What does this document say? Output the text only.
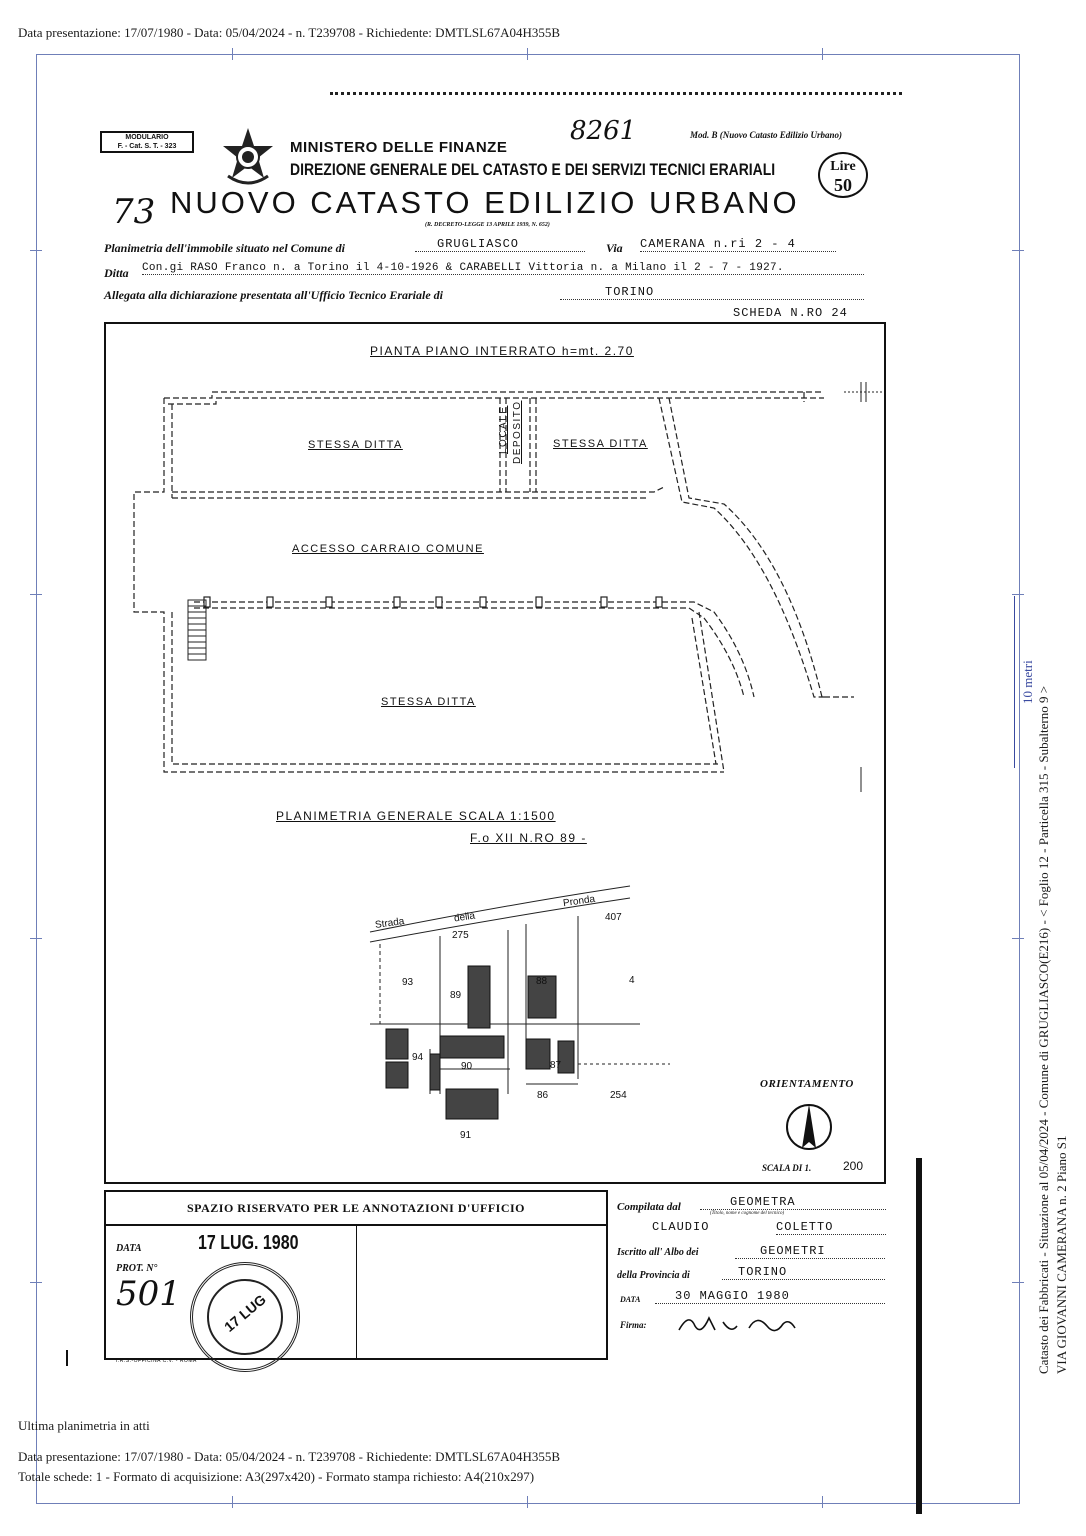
Data presentazione: 17/07/1980 - Data: 05/04/2024 - n. T239708 - Richiedente: DMTLSL67A04H355B
MODULARIO
F. - Cat. S. T. - 323
8261	Mod. B (Nuovo Catasto Edilizio Urbano)
MINISTERO DELLE FINANZE
DIREZIONE GENERALE DEL CATASTO E DEI SERVIZI TECNICI ERARIALI	Lire
50
73 NUOVO CATASTO EDILIZIO URBANO
(R. DECRETO-LEGGE 13 APRILE 1939, N. 652)
Planimetria dell'immobile situato nel Comune di	GRUGLIASCO	Via CAMERANA n.ri 2 - 4
Ditta Con.gi RASO Franco n. a Torino il 4-10-1926 & CARABELLI Vittoria n. a Milano il 2 - 7 - 1927.
Allegata alla dichiarazione presentata all'Ufficio Tecnico Erariale di	TORINO
SCHEDA N.RO 24
PIANTA PIANO INTERRATO h=mt. 2.70
STESSA DITTA	LOCALE DEPOSITO	STESSA DITTA
ACCESSO CARRAIO COMUNE
STESSA DITTA
PLANIMETRIA GENERALE SCALA 1:1500
F.o XII N.RO 89 -
Strada	della
Pronda
407
275
93
89
88	4
94
90	87
86	254
91
ORIENTAMENTO
SCALA DI 1.	200
SPAZIO RISERVATO PER LE ANNOTAZIONI D'UFFICIO
DATA	17 LUG. 1980
PROT. N°
501	17 LUG
I.R.S.-OFFICINA C.V. - ROMA
Compilata dal	GEOMETRA
(Titolo, nome e cognome del tecnico)
CLAUDIO	COLETTO
Iscritto all' Albo dei	GEOMETRI
della Provincia di	TORINO
DATA	30 MAGGIO 1980
Firma:
10 metri
Catasto dei Fabbricati - Situazione al 05/04/2024 - Comune di GRUGLIASCO(E216) - < Foglio 12 - Particella 315 - Subalterno 9 > VIA GIOVANNI CAMERANA n. 2 Piano S1
Ultima planimetria in atti
Data presentazione: 17/07/1980 - Data: 05/04/2024 - n. T239708 - Richiedente: DMTLSL67A04H355B
Totale schede: 1 - Formato di acquisizione: A3(297x420) - Formato stampa richiesto: A4(210x297)
